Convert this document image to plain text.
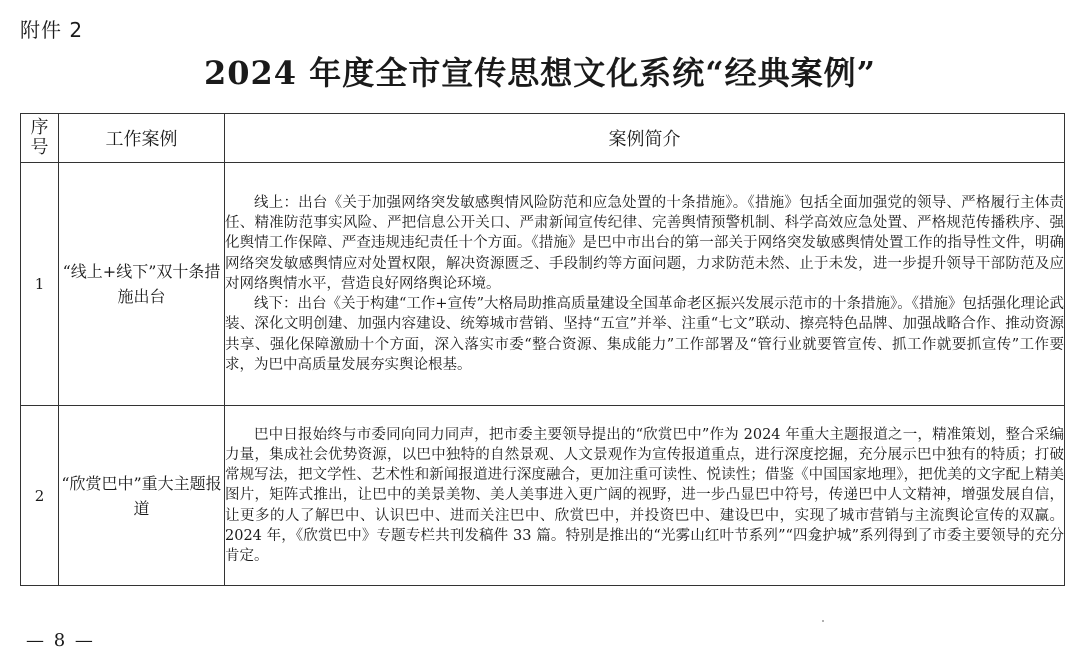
附件 2
2024 年度全市宣传思想文化系统“经典案例”
序
号	工作案例	案例简介
1	“线上+线下”双十条措施出台	线上：出台《关于加强网络突发敏感舆情风险防范和应急处置的十条措施》。《措施》包括全面加强党的领导、严格履行主体责任、精准防范事实风险、严把信息公开关口、严肃新闻宣传纪律、完善舆情预警机制、科学高效应急处置、严格规范传播秩序、强化舆情工作保障、严查违规违纪责任十个方面。《措施》是巴中市出台的第一部关于网络突发敏感舆情处置工作的指导性文件，明确网络突发敏感舆情应对处置权限，解决资源匮乏、手段制约等方面问题，力求防范未然、止于未发，进一步提升领导干部防范及应对网络舆情水平，营造良好网络舆论环境。

线下：出台《关于构建“工作+宣传”大格局助推高质量建设全国革命老区振兴发展示范市的十条措施》。《措施》包括强化理论武装、深化文明创建、加强内容建设、统筹城市营销、坚持“五宣”并举、注重“七文”联动、擦亮特色品牌、加强战略合作、推动资源共享、强化保障激励十个方面，深入落实市委“整合资源、集成能力”工作部署及“管行业就要管宣传、抓工作就要抓宣传”工作要求，为巴中高质量发展夯实舆论根基。

2	“欣赏巴中”重大主题报道	巴中日报始终与市委同向同力同声，把市委主要领导提出的“欣赏巴中”作为 2024 年重大主题报道之一，精准策划，整合采编力量，集成社会优势资源，以巴中独特的自然景观、人文景观作为宣传报道重点，进行深度挖掘，充分展示巴中独有的特质；打破常规写法，把文学性、艺术性和新闻报道进行深度融合，更加注重可读性、悦读性；借鉴《中国国家地理》，把优美的文字配上精美图片，矩阵式推出，让巴中的美景美物、美人美事进入更广阔的视野，进一步凸显巴中符号，传递巴中人文精神，增强发展自信，让更多的人了解巴中、认识巴中、进而关注巴中、欣赏巴中，并投资巴中、建设巴中，实现了城市营销与主流舆论宣传的双赢。2024 年，《欣赏巴中》专题专栏共刊发稿件 33 篇。特别是推出的“光雾山红叶节系列”“四龛护城”系列得到了市委主要领导的充分肯定。

— 8 —
